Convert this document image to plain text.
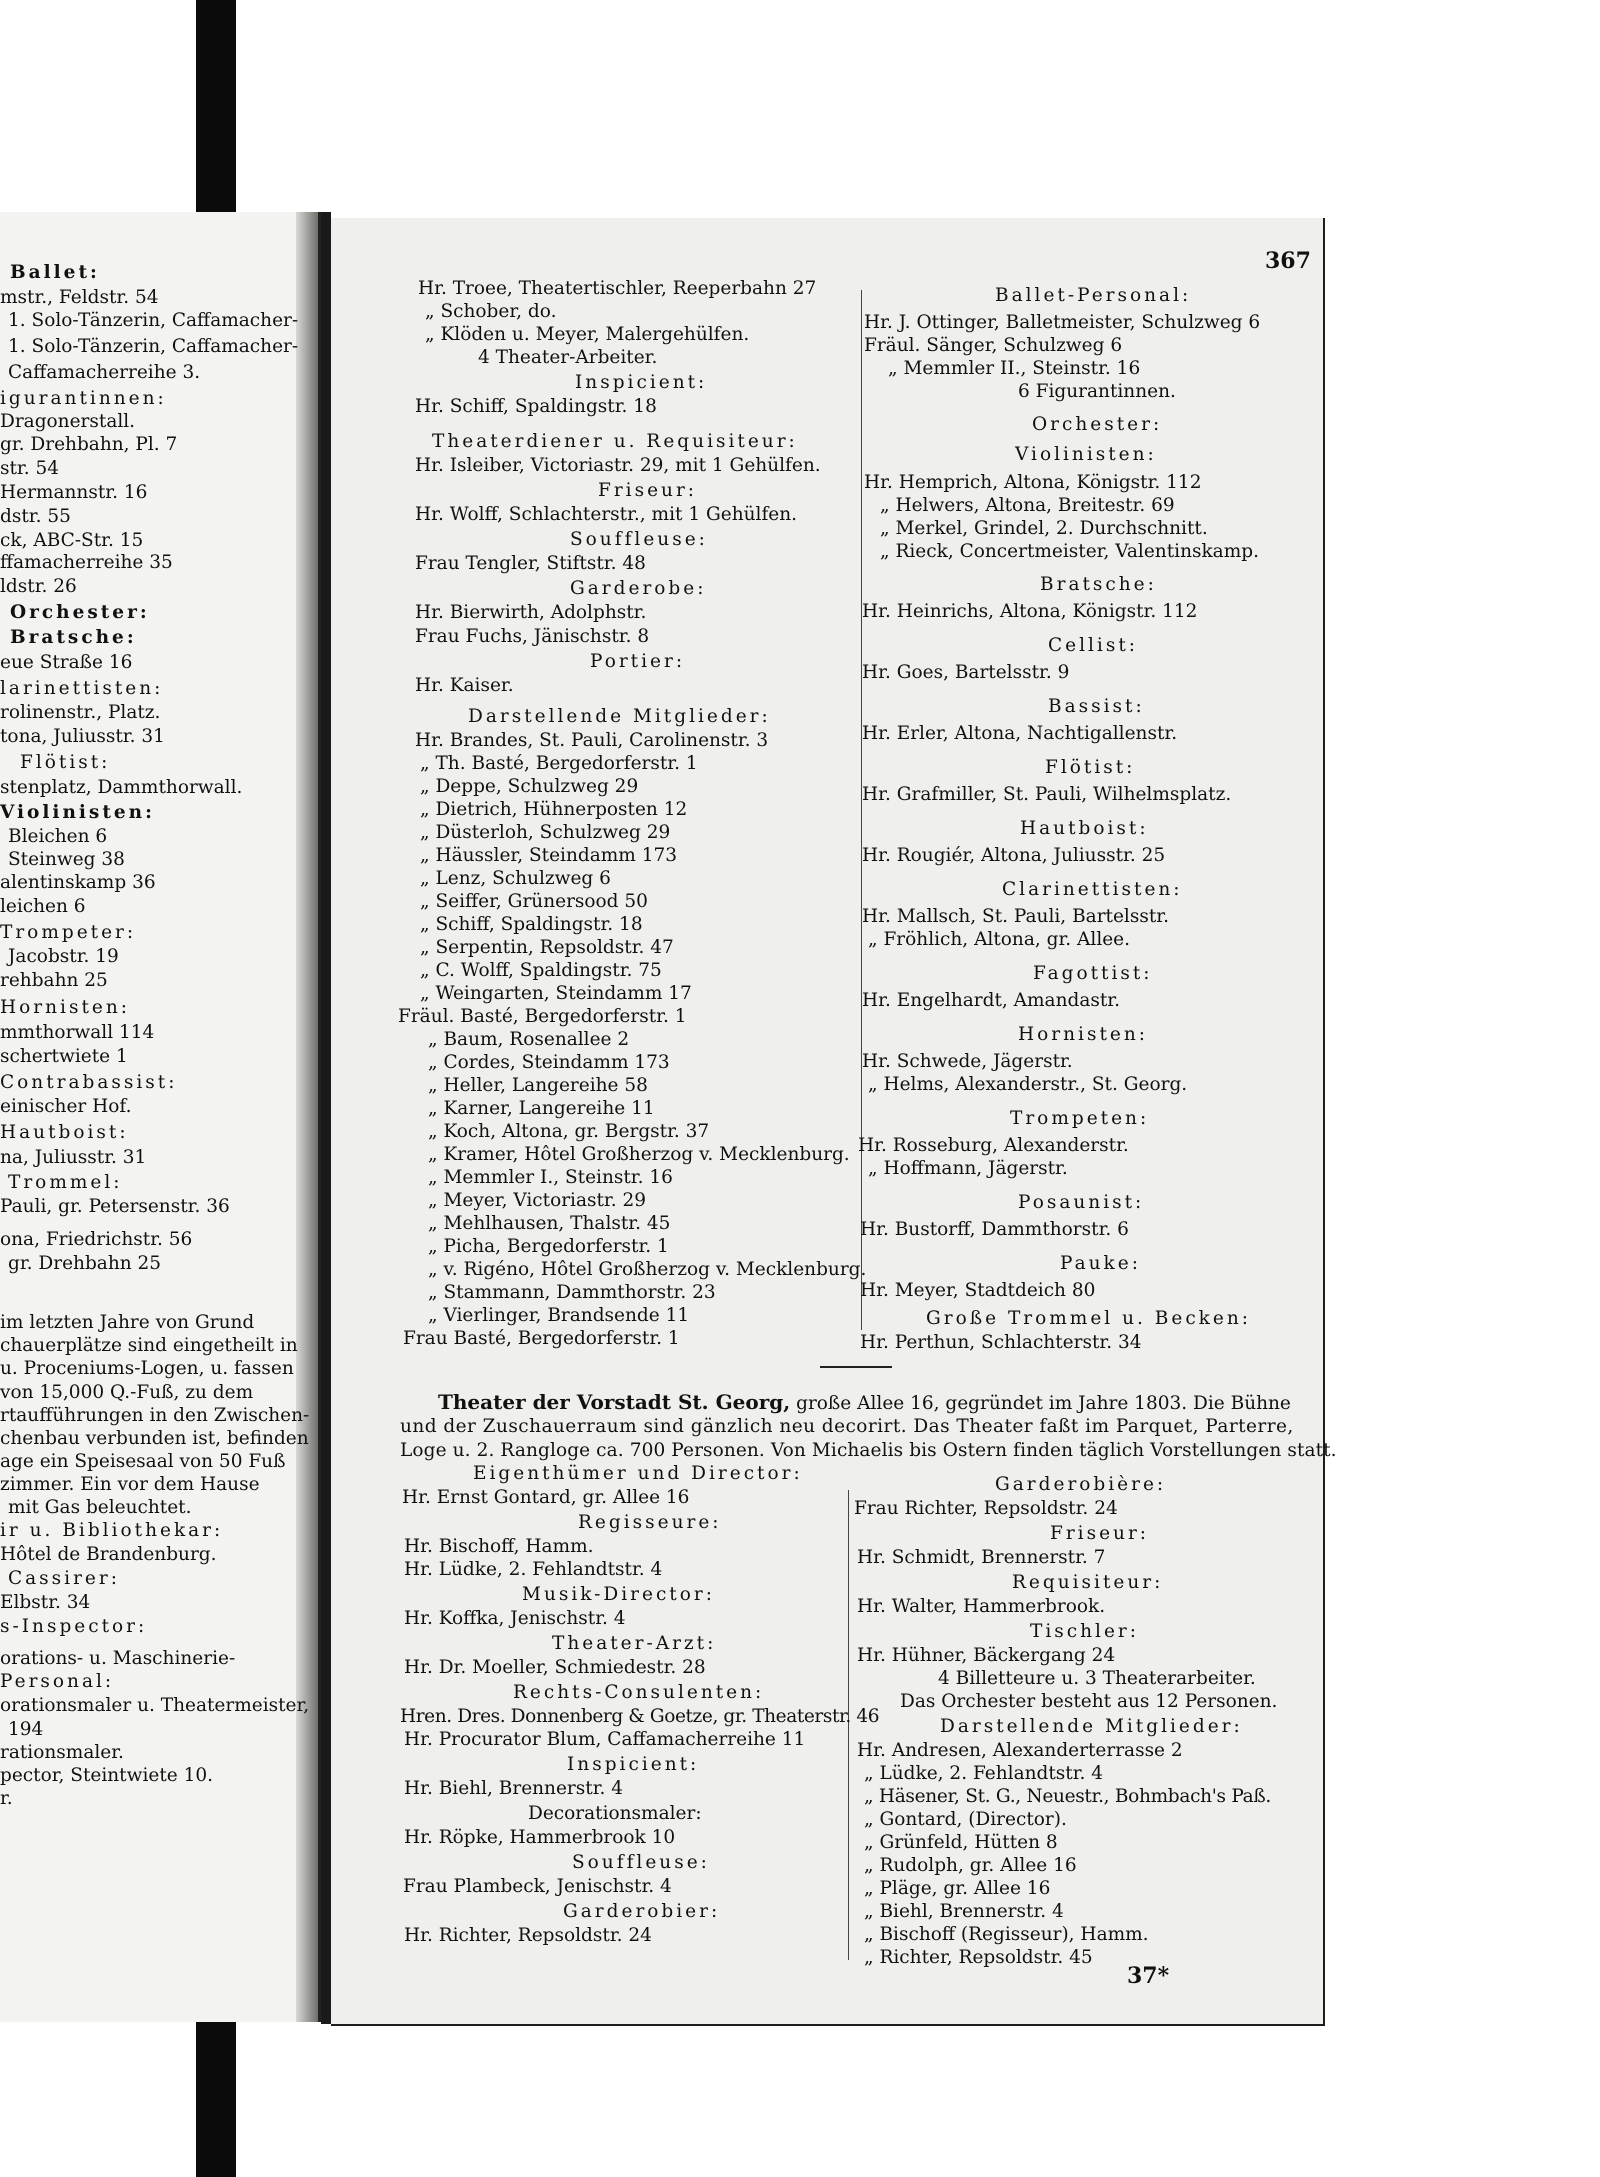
Ballet:
mstr., Feldstr. 54
1. Solo-Tänzerin, Caffamacher-
1. Solo-Tänzerin, Caffamacher-
Caffamacherreihe 3.
igurantinnen:
Dragonerstall.
gr. Drehbahn, Pl. 7
str. 54
Hermannstr. 16
dstr. 55
ck, ABC-Str. 15
ffamacherreihe 35
ldstr. 26
Orchester:
Bratsche:
eue Straße 16
larinettisten:
rolinenstr., Platz.
tona, Juliusstr. 31
Flötist:
stenplatz, Dammthorwall.
Violinisten:
Bleichen 6
Steinweg 38
alentinskamp 36
leichen 6
Trompeter:
Jacobstr. 19
rehbahn 25
Hornisten:
mmthorwall 114
schertwiete 1
Contrabassist:
einischer Hof.
Hautboist:
na, Juliusstr. 31
Trommel:
Pauli, gr. Petersenstr. 36
ona, Friedrichstr. 56
gr. Drehbahn 25
im letzten Jahre von Grund
chauerplätze sind eingetheilt in
u. Proceniums-Logen, u. fassen
von 15,000 Q.-Fuß, zu dem
rtaufführungen in den Zwischen-
chenbau verbunden ist, befinden
age ein Speisesaal von 50 Fuß
zimmer. Ein vor dem Hause
mit Gas beleuchtet.
ir u. Bibliothekar:
Hôtel de Brandenburg.
Cassirer:
Elbstr. 34
s-Inspector:
orations- u. Maschinerie-
Personal:
orationsmaler u. Theatermeister,
194
rationsmaler.
pector, Steintwiete 10.
r.
367
Hr. Troee, Theatertischler, Reeperbahn 27
„ Schober, do.
„ Klöden u. Meyer, Malergehülfen.
4 Theater-Arbeiter.
Inspicient:
Hr. Schiff, Spaldingstr. 18
Theaterdiener u. Requisiteur:
Hr. Isleiber, Victoriastr. 29, mit 1 Gehülfen.
Friseur:
Hr. Wolff, Schlachterstr., mit 1 Gehülfen.
Souffleuse:
Frau Tengler, Stiftstr. 48
Garderobe:
Hr. Bierwirth, Adolphstr.
Frau Fuchs, Jänischstr. 8
Portier:
Hr. Kaiser.
Darstellende Mitglieder:
Hr. Brandes, St. Pauli, Carolinenstr. 3
„ Th. Basté, Bergedorferstr. 1
„ Deppe, Schulzweg 29
„ Dietrich, Hühnerposten 12
„ Düsterloh, Schulzweg 29
„ Häussler, Steindamm 173
„ Lenz, Schulzweg 6
„ Seiffer, Grünersood 50
„ Schiff, Spaldingstr. 18
„ Serpentin, Repsoldstr. 47
„ C. Wolff, Spaldingstr. 75
„ Weingarten, Steindamm 17
Fräul. Basté, Bergedorferstr. 1
„ Baum, Rosenallee 2
„ Cordes, Steindamm 173
„ Heller, Langereihe 58
„ Karner, Langereihe 11
„ Koch, Altona, gr. Bergstr. 37
„ Kramer, Hôtel Großherzog v. Mecklenburg.
„ Memmler I., Steinstr. 16
„ Meyer, Victoriastr. 29
„ Mehlhausen, Thalstr. 45
„ Picha, Bergedorferstr. 1
„ v. Rigéno, Hôtel Großherzog v. Mecklenburg.
„ Stammann, Dammthorstr. 23
„ Vierlinger, Brandsende 11
Frau Basté, Bergedorferstr. 1
Ballet-Personal:
Hr. J. Ottinger, Balletmeister, Schulzweg 6
Fräul. Sänger, Schulzweg 6
„ Memmler II., Steinstr. 16
6 Figurantinnen.
Orchester:
Violinisten:
Hr. Hemprich, Altona, Königstr. 112
„ Helwers, Altona, Breitestr. 69
„ Merkel, Grindel, 2. Durchschnitt.
„ Rieck, Concertmeister, Valentinskamp.
Bratsche:
Hr. Heinrichs, Altona, Königstr. 112
Cellist:
Hr. Goes, Bartelsstr. 9
Bassist:
Hr. Erler, Altona, Nachtigallenstr.
Flötist:
Hr. Grafmiller, St. Pauli, Wilhelmsplatz.
Hautboist:
Hr. Rougiér, Altona, Juliusstr. 25
Clarinettisten:
Hr. Mallsch, St. Pauli, Bartelsstr.
„ Fröhlich, Altona, gr. Allee.
Fagottist:
Hr. Engelhardt, Amandastr.
Hornisten:
Hr. Schwede, Jägerstr.
„ Helms, Alexanderstr., St. Georg.
Trompeten:
Hr. Rosseburg, Alexanderstr.
„ Hoffmann, Jägerstr.
Posaunist:
Hr. Bustorff, Dammthorstr. 6
Pauke:
Hr. Meyer, Stadtdeich 80
Große Trommel u. Becken:
Hr. Perthun, Schlachterstr. 34
Theater der Vorstadt St. Georg, große Allee 16, gegründet im Jahre 1803. Die Bühne
und der Zuschauerraum sind gänzlich neu decorirt. Das Theater faßt im Parquet, Parterre,
Loge u. 2. Rangloge ca. 700 Personen. Von Michaelis bis Ostern finden täglich Vorstellungen statt.
Eigenthümer und Director:
Hr. Ernst Gontard, gr. Allee 16
Regisseure:
Hr. Bischoff, Hamm.
Hr. Lüdke, 2. Fehlandtstr. 4
Musik-Director:
Hr. Koffka, Jenischstr. 4
Theater-Arzt:
Hr. Dr. Moeller, Schmiedestr. 28
Rechts-Consulenten:
Hren. Dres. Donnenberg & Goetze, gr. Theaterstr. 46
Hr. Procurator Blum, Caffamacherreihe 11
Inspicient:
Hr. Biehl, Brennerstr. 4
Decorationsmaler:
Hr. Röpke, Hammerbrook 10
Souffleuse:
Frau Plambeck, Jenischstr. 4
Garderobier:
Hr. Richter, Repsoldstr. 24
Garderobière:
Frau Richter, Repsoldstr. 24
Friseur:
Hr. Schmidt, Brennerstr. 7
Requisiteur:
Hr. Walter, Hammerbrook.
Tischler:
Hr. Hühner, Bäckergang 24
4 Billetteure u. 3 Theaterarbeiter.
Das Orchester besteht aus 12 Personen.
Darstellende Mitglieder:
Hr. Andresen, Alexanderterrasse 2
„ Lüdke, 2. Fehlandtstr. 4
„ Häsener, St. G., Neuestr., Bohmbach's Paß.
„ Gontard, (Director).
„ Grünfeld, Hütten 8
„ Rudolph, gr. Allee 16
„ Pläge, gr. Allee 16
„ Biehl, Brennerstr. 4
„ Bischoff (Regisseur), Hamm.
„ Richter, Repsoldstr. 45
37*
